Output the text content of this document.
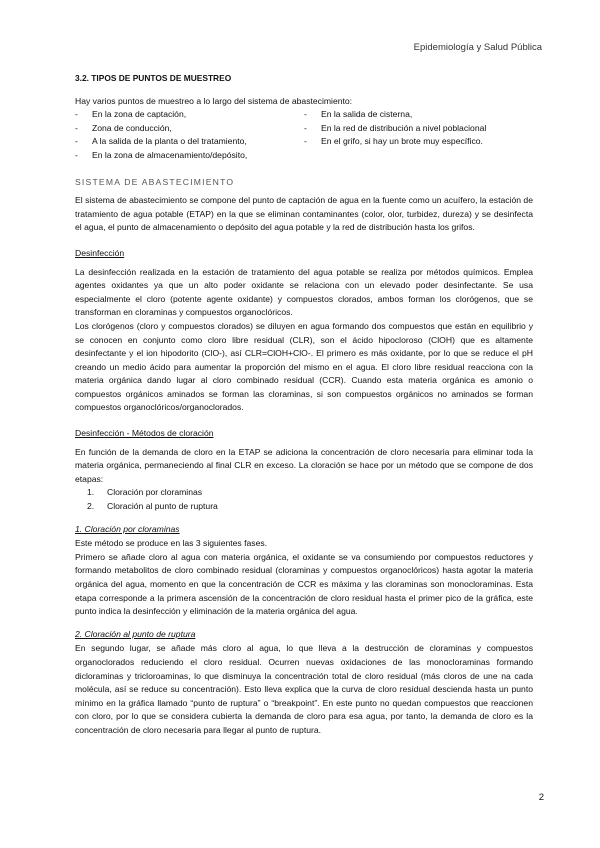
Epidemiología y Salud Pública
3.2. TIPOS DE PUNTOS DE MUESTREO

Hay varios puntos de muestreo a lo largo del sistema de abastecimiento:

-	En la zona de captación,
-	Zona de conducción,
-	A la salida de la planta o del tratamiento,
-	En la zona de almacenamiento/depósito,
-	En la salida de cisterna,
-	En la red de distribución a nivel poblacional
-	En el grifo, si hay un brote muy específico.
SISTEMA DE ABASTECIMIENTO

El sistema de abastecimiento se compone del punto de captación de agua en la fuente como un acuífero, la estación de tratamiento de agua potable (ETAP) en la que se eliminan contaminantes (color, olor, turbidez, dureza) y se desinfecta el agua, el punto de almacenamiento o depósito del agua potable y la red de distribución hasta los grifos.

Desinfección

La desinfección realizada en la estación de tratamiento del agua potable se realiza por métodos químicos. Emplea agentes oxidantes ya que un alto poder oxidante se relaciona con un elevado poder desinfectante. Se usa especialmente el cloro (potente agente oxidante) y compuestos clorados, ambos forman los clorógenos, que se transforman en cloraminas y compuestos organoclóricos.

Los clorógenos (cloro y compuestos clorados) se diluyen en agua formando dos compuestos que están en equilibrio y se conocen en conjunto como cloro libre residual (CLR), son el ácido hipocloroso (ClOH) que es altamente desinfectante y el ion hipodorito (ClO-), así CLR=ClOH+ClO-. El primero es más oxidante, por lo que se reduce el pH creando un medio ácido para aumentar la proporción del mismo en el agua. El cloro libre residual reacciona con la materia orgánica dando lugar al cloro combinado residual (CCR). Cuando esta materia orgánica es amonio o compuestos orgánicos aminados se forman las cloraminas, si son compuestos orgánicos no aminados se forman compuestos organoclóricos/organoclorados.

Desinfección - Métodos de cloración

En función de la demanda de cloro en la ETAP se adiciona la concentración de cloro necesaria para eliminar toda la materia orgánica, permaneciendo al final CLR en exceso. La cloración se hace por un método que se compone de dos etapas:

1.	Cloración por cloraminas
2.	Cloración al punto de ruptura
1. Cloración por cloraminas

Este método se produce en las 3 siguientes fases.

Primero se añade cloro al agua con materia orgánica, el oxidante se va consumiendo por compuestos reductores y formando metabolitos de cloro combinado residual (cloraminas y compuestos organoclóricos) hasta agotar la materia orgánica del agua, momento en que la concentración de CCR es máxima y las cloraminas son monocloraminas. Esta etapa corresponde a la primera ascensión de la concentración de cloro residual hasta el primer pico de la gráfica, este punto indica la desinfección y eliminación de la materia orgánica del agua.

2. Cloración al punto de ruptura

En segundo lugar, se añade más cloro al agua, lo que lleva a la destrucción de cloraminas y compuestos organoclorados reduciendo el cloro residual. Ocurren nuevas oxidaciones de las monocloraminas formando dicloraminas y tricloroaminas, lo que disminuya la concentración total de cloro residual (más cloros de une na cada molécula, así se reduce su concentración). Esto lleva explica que la curva de cloro residual descienda hasta un punto mínimo en la gráfica llamado “punto de ruptura” o “breakpoint”. En este punto no quedan compuestos que reaccionen con cloro, por lo que se considera cubierta la demanda de cloro para esa agua, por tanto, la demanda de cloro es la concentración de cloro necesaria para llegar al punto de ruptura.

2
